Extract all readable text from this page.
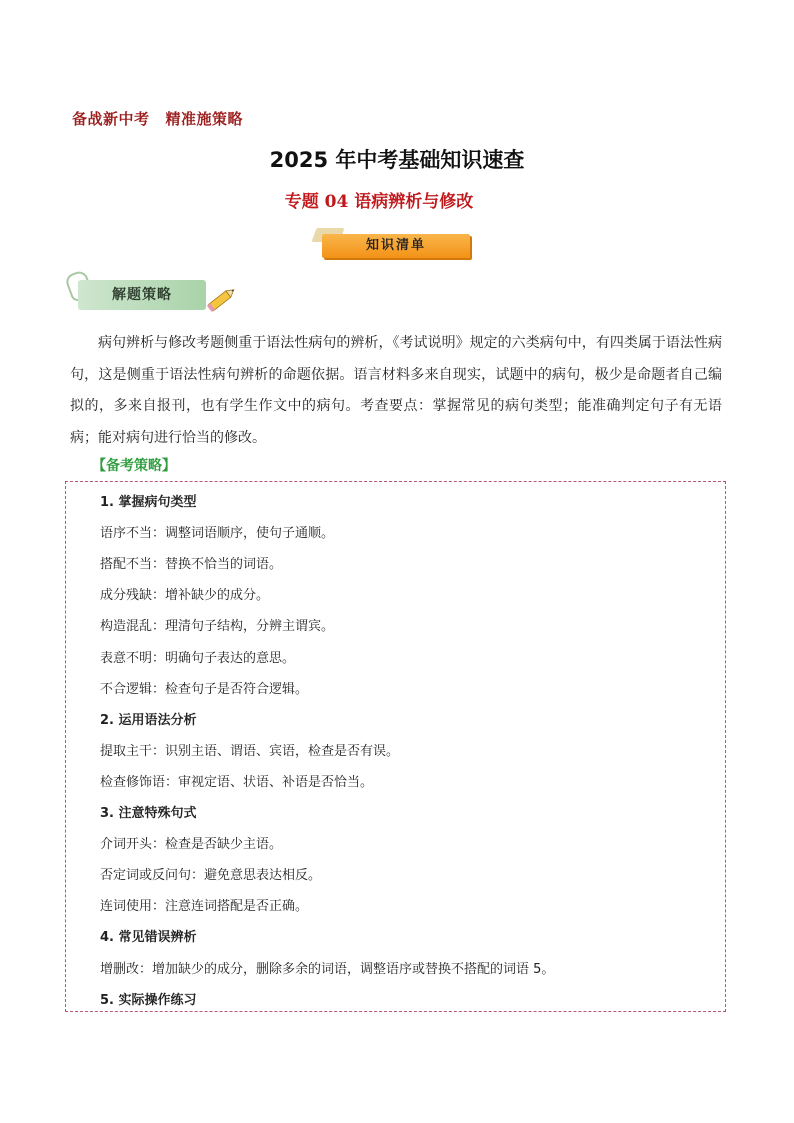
备战新中考 精准施策略
2025 年中考基础知识速查
专题 04 语病辨析与修改
知识清单
解题策略

病句辨析与修改考题侧重于语法性病句的辨析，《考试说明》规定的六类病句中，有四类属于语法性病句，这是侧重于语法性病句辨析的命题依据。语言材料多来自现实，试题中的病句，极少是命题者自己编拟的，多来自报刊，也有学生作文中的病句。考查要点：掌握常见的病句类型；能准确判定句子有无语病；能对病句进行恰当的修改。

【备考策略】
1. 掌握病句类型
语序不当：调整词语顺序，使句子通顺。
搭配不当：替换不恰当的词语。
成分残缺：增补缺少的成分。
构造混乱：理清句子结构，分辨主谓宾。
表意不明：明确句子表达的意思。
不合逻辑：检查句子是否符合逻辑。
2. 运用语法分析
提取主干：识别主语、谓语、宾语，检查是否有误。
检查修饰语：审视定语、状语、补语是否恰当。
3. 注意特殊句式
介词开头：检查是否缺少主语。
否定词或反问句：避免意思表达相反。
连词使用：注意连词搭配是否正确。
4. 常见错误辨析
增删改：增加缺少的成分，删除多余的词语，调整语序或替换不搭配的词语 5。
5. 实际操作练习
